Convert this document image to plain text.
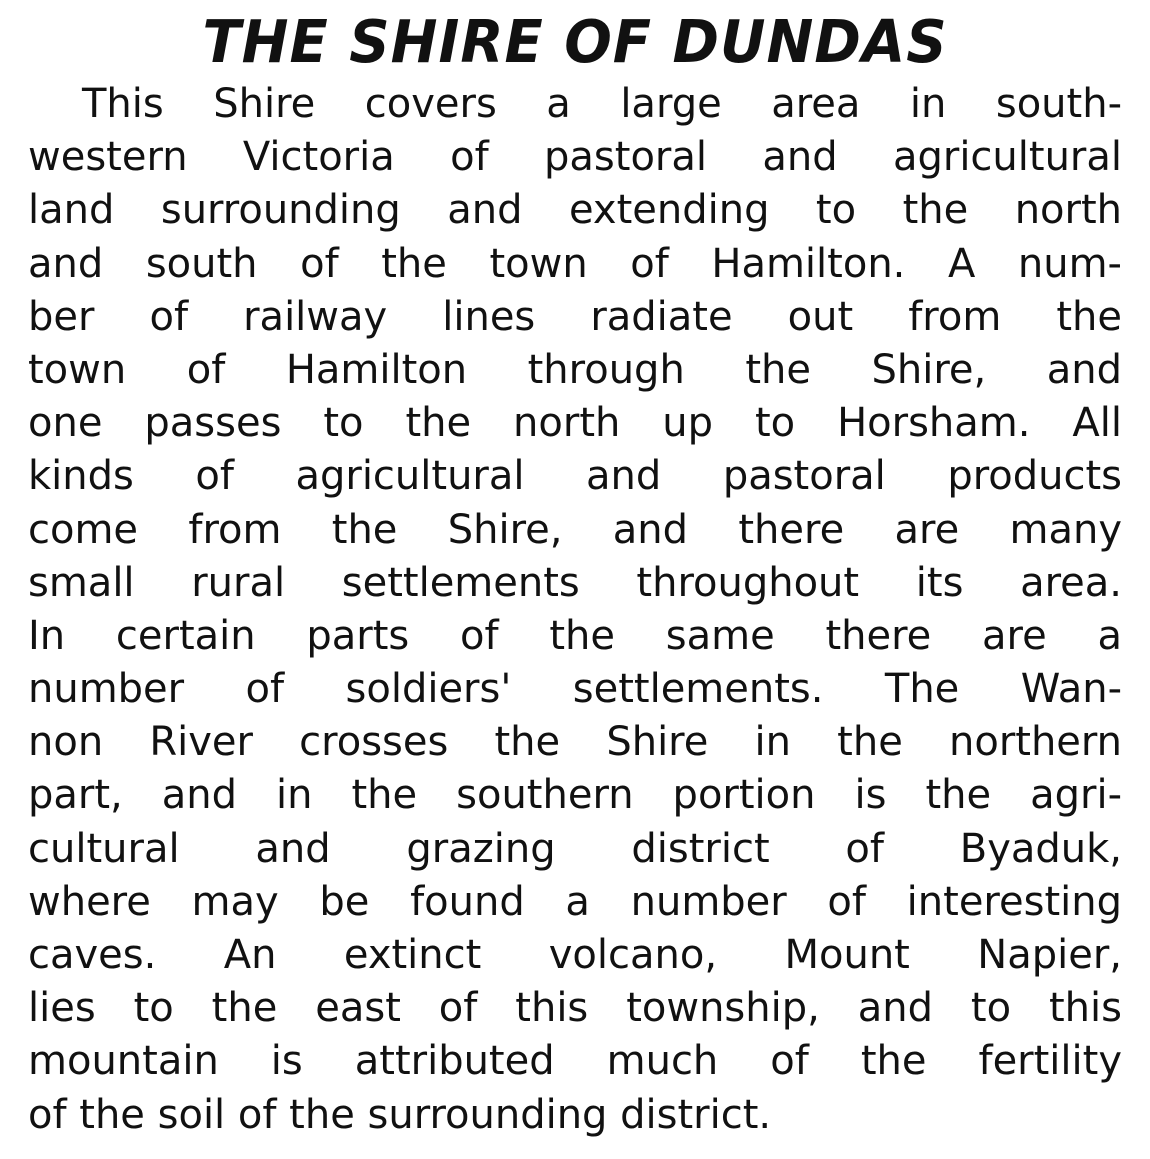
THE SHIRE OF DUNDAS

This Shire covers a large area in south-
western Victoria of pastoral and agricultural
land surrounding and extending to the north
and south of the town of Hamilton. A num-
ber of railway lines radiate out from the
town of Hamilton through the Shire, and
one passes to the north up to Horsham. All
kinds of agricultural and pastoral products
come from the Shire, and there are many
small rural settlements throughout its area.
In certain parts of the same there are a
number of soldiers' settlements. The Wan-
non River crosses the Shire in the northern
part, and in the southern portion is the agri-
cultural and grazing district of Byaduk,
where may be found a number of interesting
caves. An extinct volcano, Mount Napier,
lies to the east of this township, and to this
mountain is attributed much of the fertility
of the soil of the surrounding district.
